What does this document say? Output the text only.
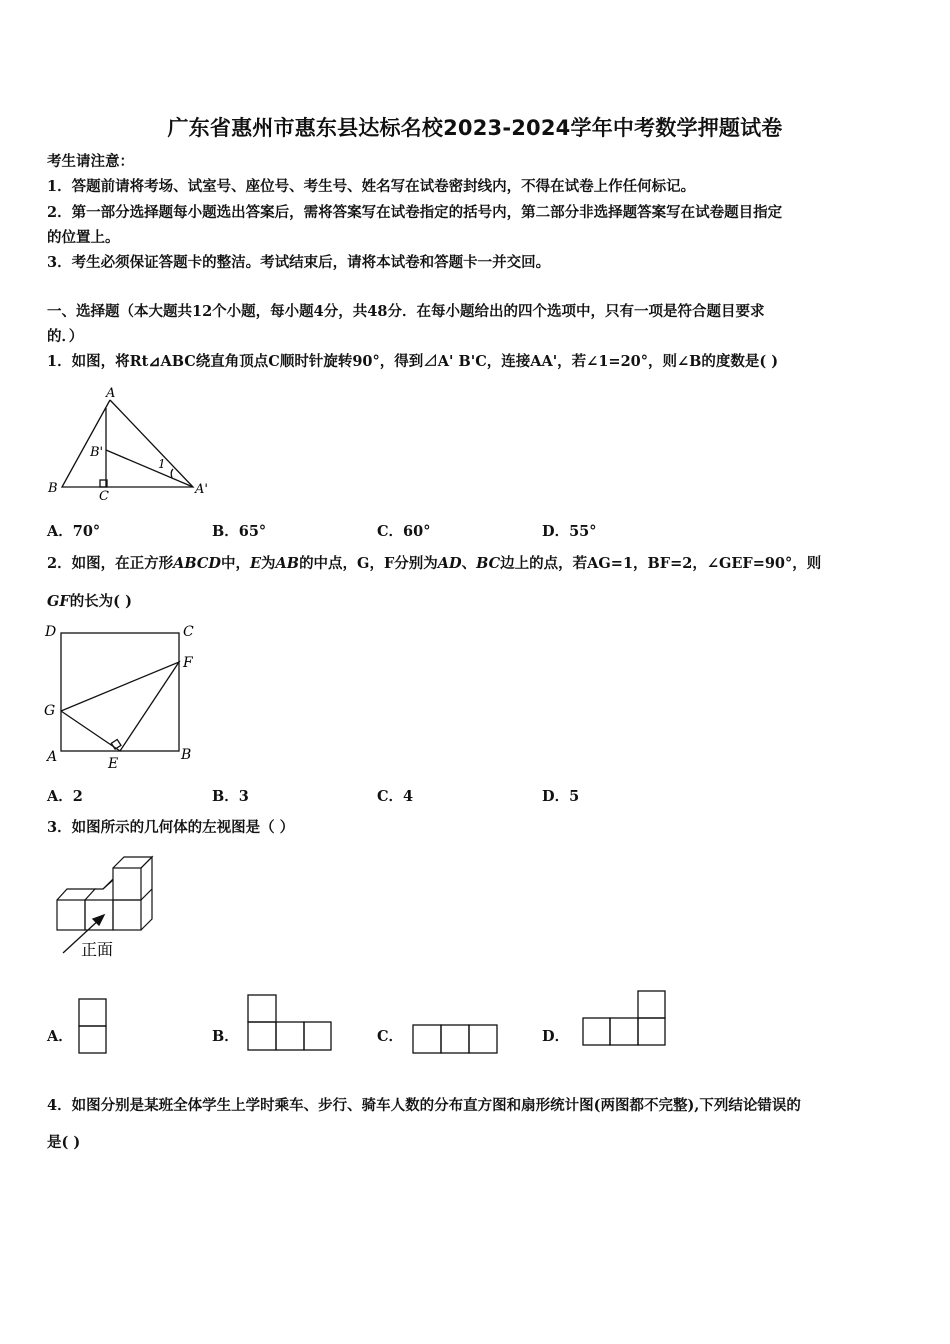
广东省惠州市惠东县达标名校2023-2024学年中考数学押题试卷
考生请注意：
1．答题前请将考场、试室号、座位号、考生号、姓名写在试卷密封线内，不得在试卷上作任何标记。
2．第一部分选择题每小题选出答案后，需将答案写在试卷指定的括号内，第二部分非选择题答案写在试卷题目指定
的位置上。
3．考生必须保证答题卡的整洁。考试结束后，请将本试卷和答题卡一并交回。
一、选择题（本大题共12个小题，每小题4分，共48分．在每小题给出的四个选项中，只有一项是符合题目要求
的．）
1．如图，将Rt⊿ABC绕直角顶点C顺时针旋转90°，得到⊿A' B'C，连接AA'，若∠1=20°，则∠B的度数是( )
A
B
C
B'
A'
1
A．70°	B．65°	C．60°	D．55°
2．如图，在正方形ABCD中，E为AB的中点，G，F分别为AD、BC边上的点，若AG=1，BF=2，∠GEF=90°，则
GF的长为( )
D	C
F
G
A	E
B
A．2	B．3	C．4	D．5
3．如图所示的几何体的左视图是（ ）
正面
A．	B．	C．	D．
4．如图分别是某班全体学生上学时乘车、步行、骑车人数的分布直方图和扇形统计图(两图都不完整),下列结论错误的
是( )
